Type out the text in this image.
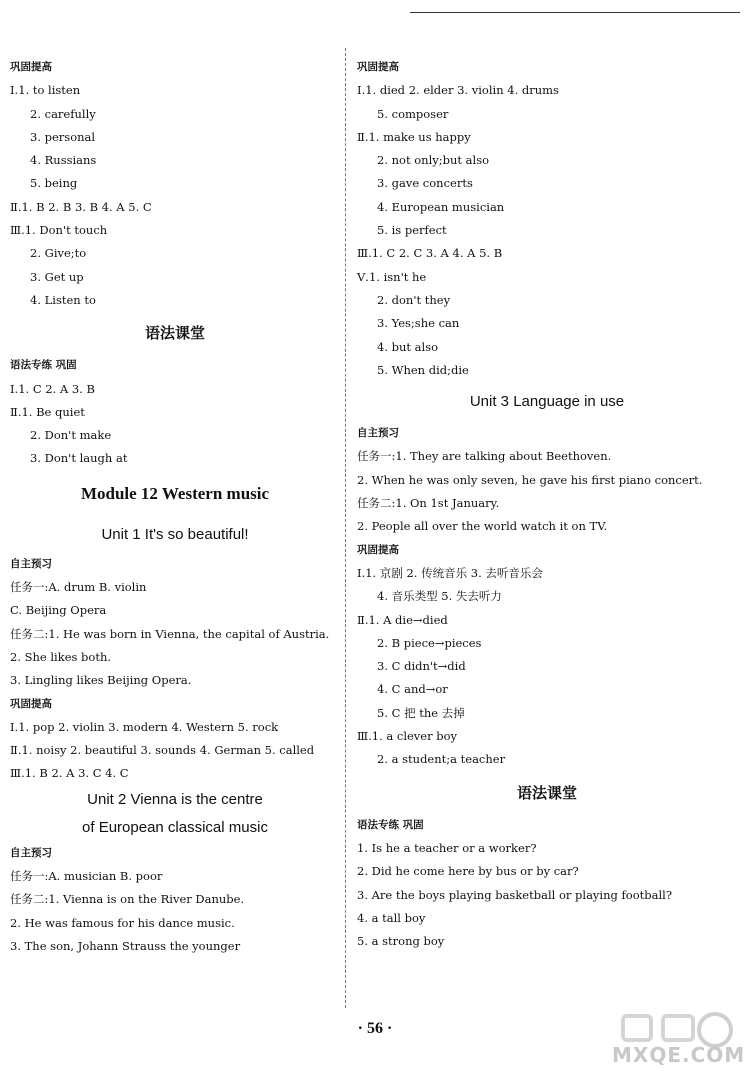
巩固提高
Ⅰ.1. to listen
2. carefully
3. personal
4. Russians
5. being
Ⅱ.1. B 2. B 3. B 4. A 5. C
Ⅲ.1. Don't touch
2. Give;to
3. Get up
4. Listen to
语法课堂
语法专练 巩固
Ⅰ.1. C 2. A 3. B
Ⅱ.1. Be quiet
2. Don't make
3. Don't laugh at
Module 12 Western music
Unit 1 It's so beautiful!
自主预习
任务一:A. drum B. violin
C. Beijing Opera
任务二:1. He was born in Vienna, the capital of Austria.
2. She likes both.
3. Lingling likes Beijing Opera.
巩固提高
Ⅰ.1. pop 2. violin 3. modern 4. Western 5. rock
Ⅱ.1. noisy 2. beautiful 3. sounds 4. German 5. called
Ⅲ.1. B 2. A 3. C 4. C
Unit 2 Vienna is the centre
of European classical music
自主预习
任务一:A. musician B. poor
任务二:1. Vienna is on the River Danube.
2. He was famous for his dance music.
3. The son, Johann Strauss the younger
巩固提高
Ⅰ.1. died 2. elder 3. violin 4. drums
5. composer
Ⅱ.1. make us happy
2. not only;but also
3. gave concerts
4. European musician
5. is perfect
Ⅲ.1. C 2. C 3. A 4. A 5. B
Ⅴ.1. isn't he
2. don't they
3. Yes;she can
4. but also
5. When did;die
Unit 3 Language in use
自主预习
任务一:1. They are talking about Beethoven.
2. When he was only seven, he gave his first piano concert.
任务二:1. On 1st January.
2. People all over the world watch it on TV.
巩固提高
Ⅰ.1. 京剧 2. 传统音乐 3. 去听音乐会
4. 音乐类型 5. 失去听力
Ⅱ.1. A die→died
2. B piece→pieces
3. C didn't→did
4. C and→or
5. C 把 the 去掉
Ⅲ.1. a clever boy
2. a student;a teacher
语法课堂
语法专练 巩固
1. Is he a teacher or a worker?
2. Did he come here by bus or by car?
3. Are the boys playing basketball or playing football?
4. a tall boy
5. a strong boy
· 56 ·
MXQE.COM
